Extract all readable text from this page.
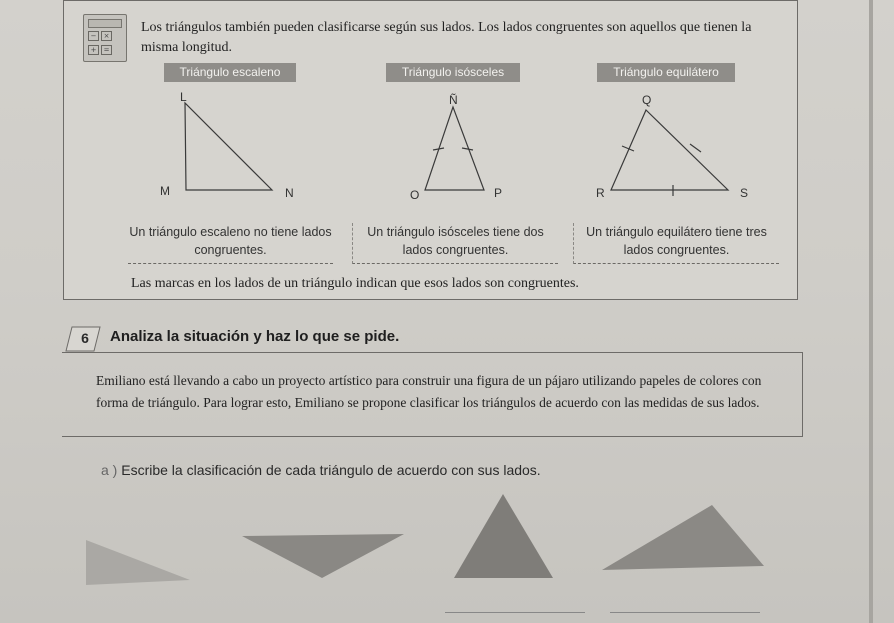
−	×
+	=
Los triángulos también pueden clasificarse según sus lados. Los lados congruentes son aquellos que tienen la misma longitud.
Triángulo escaleno	Triángulo isósceles	Triángulo equilátero
L
M	N
Ñ
O	P
Q
R	S
Un triángulo escaleno no tiene lados congruentes.
Un triángulo isósceles tiene dos lados congruentes.
Un triángulo equilátero tiene tres lados congruentes.
Las marcas en los lados de un triángulo indican que esos lados son congruentes.
6 Analiza la situación y haz lo que se pide.
Emiliano está llevando a cabo un proyecto artístico para construir una figura de un pájaro utilizando papeles de colores con forma de triángulo. Para lograr esto, Emiliano se propone clasificar los triángulos de acuerdo con las medidas de sus lados.
a ) Escribe la clasificación de cada triángulo de acuerdo con sus lados.
